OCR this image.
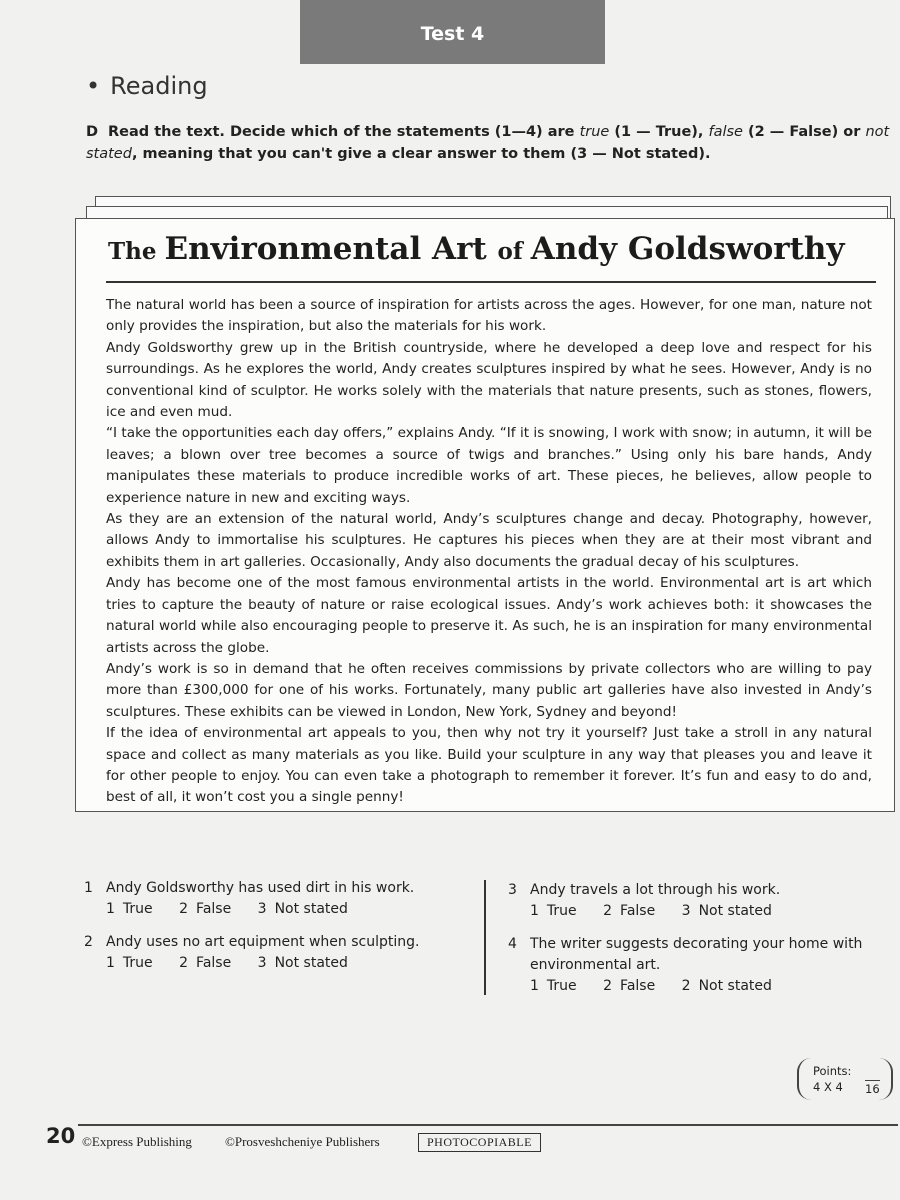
Test 4
• Reading
D Read the text. Decide which of the statements (1—4) are true (1 — True), false (2 — False) or not stated, meaning that you can't give a clear answer to them (3 — Not stated).
The Environmental Art of Andy Goldsworthy

The natural world has been a source of inspiration for artists across the ages. However, for one man, nature not only provides the inspiration, but also the materials for his work.

Andy Goldsworthy grew up in the British countryside, where he developed a deep love and respect for his surroundings. As he explores the world, Andy creates sculptures inspired by what he sees. However, Andy is no conventional kind of sculptor. He works solely with the materials that nature presents, such as stones, flowers, ice and even mud.

“I take the opportunities each day offers,” explains Andy. “If it is snowing, I work with snow; in autumn, it will be leaves; a blown over tree becomes a source of twigs and branches.” Using only his bare hands, Andy manipulates these materials to produce incredible works of art. These pieces, he believes, allow people to experience nature in new and exciting ways.

As they are an extension of the natural world, Andy’s sculptures change and decay. Photography, however, allows Andy to immortalise his sculptures. He captures his pieces when they are at their most vibrant and exhibits them in art galleries. Occasionally, Andy also documents the gradual decay of his sculptures.

Andy has become one of the most famous environmental artists in the world. Environmental art is art which tries to capture the beauty of nature or raise ecological issues. Andy’s work achieves both: it showcases the natural world while also encouraging people to preserve it. As such, he is an inspiration for many environmental artists across the globe.

Andy’s work is so in demand that he often receives commissions by private collectors who are willing to pay more than £300,000 for one of his works. Fortunately, many public art galleries have also invested in Andy’s sculptures. These exhibits can be viewed in London, New York, Sydney and beyond!

If the idea of environmental art appeals to you, then why not try it yourself? Just take a stroll in any natural space and collect as many materials as you like. Build your sculpture in any way that pleases you and leave it for other people to enjoy. You can even take a photograph to remember it forever. It’s fun and easy to do and, best of all, it won’t cost you a single penny!

1 Andy Goldsworthy has used dirt in his work.
1 True 2 False 3 Not stated
2 Andy uses no art equipment when sculpting.
1 True 2 False 3 Not stated
3 Andy travels a lot through his work.
1 True 2 False 3 Not stated
4 The writer suggests decorating your home with environmental art.
1 True 2 False 2 Not stated
Points:
4 X 4 16
20 ©Express Publishing	©Prosveshcheniye Publishers	PHOTOCOPIABLE
